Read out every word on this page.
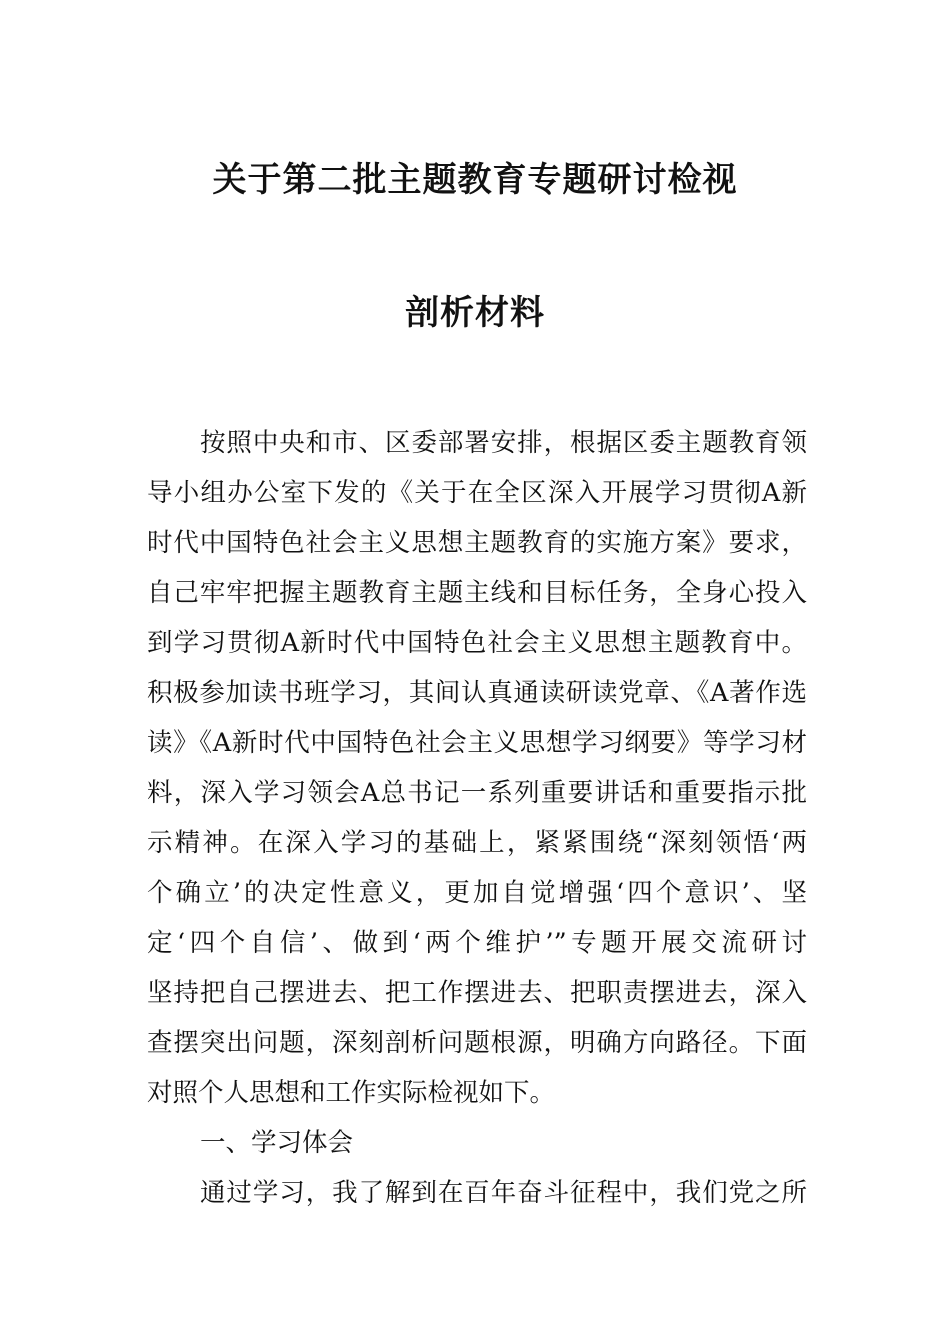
关于第二批主题教育专题研讨检视
剖析材料
按照中央和市、区委部署安排，根据区委主题教育领
导小组办公室下发的《关于在全区深入开展学习贯彻A新
时代中国特色社会主义思想主题教育的实施方案》要求，
自己牢牢把握主题教育主题主线和目标任务，全身心投入
到学习贯彻A新时代中国特色社会主义思想主题教育中。
积极参加读书班学习，其间认真通读研读党章、《A著作选
读》《A新时代中国特色社会主义思想学习纲要》等学习材
料，深入学习领会A总书记一系列重要讲话和重要指示批
示精神。在深入学习的基础上，紧紧围绕“深刻领悟‘两
个确立’的决定性意义，更加自觉增强‘四个意识’、坚
定‘四个自信’、做到‘两个维护’”专题开展交流研讨
坚持把自己摆进去、把工作摆进去、把职责摆进去，深入
查摆突出问题，深刻剖析问题根源，明确方向路径。下面
对照个人思想和工作实际检视如下。
一、学习体会
通过学习，我了解到在百年奋斗征程中，我们党之所
